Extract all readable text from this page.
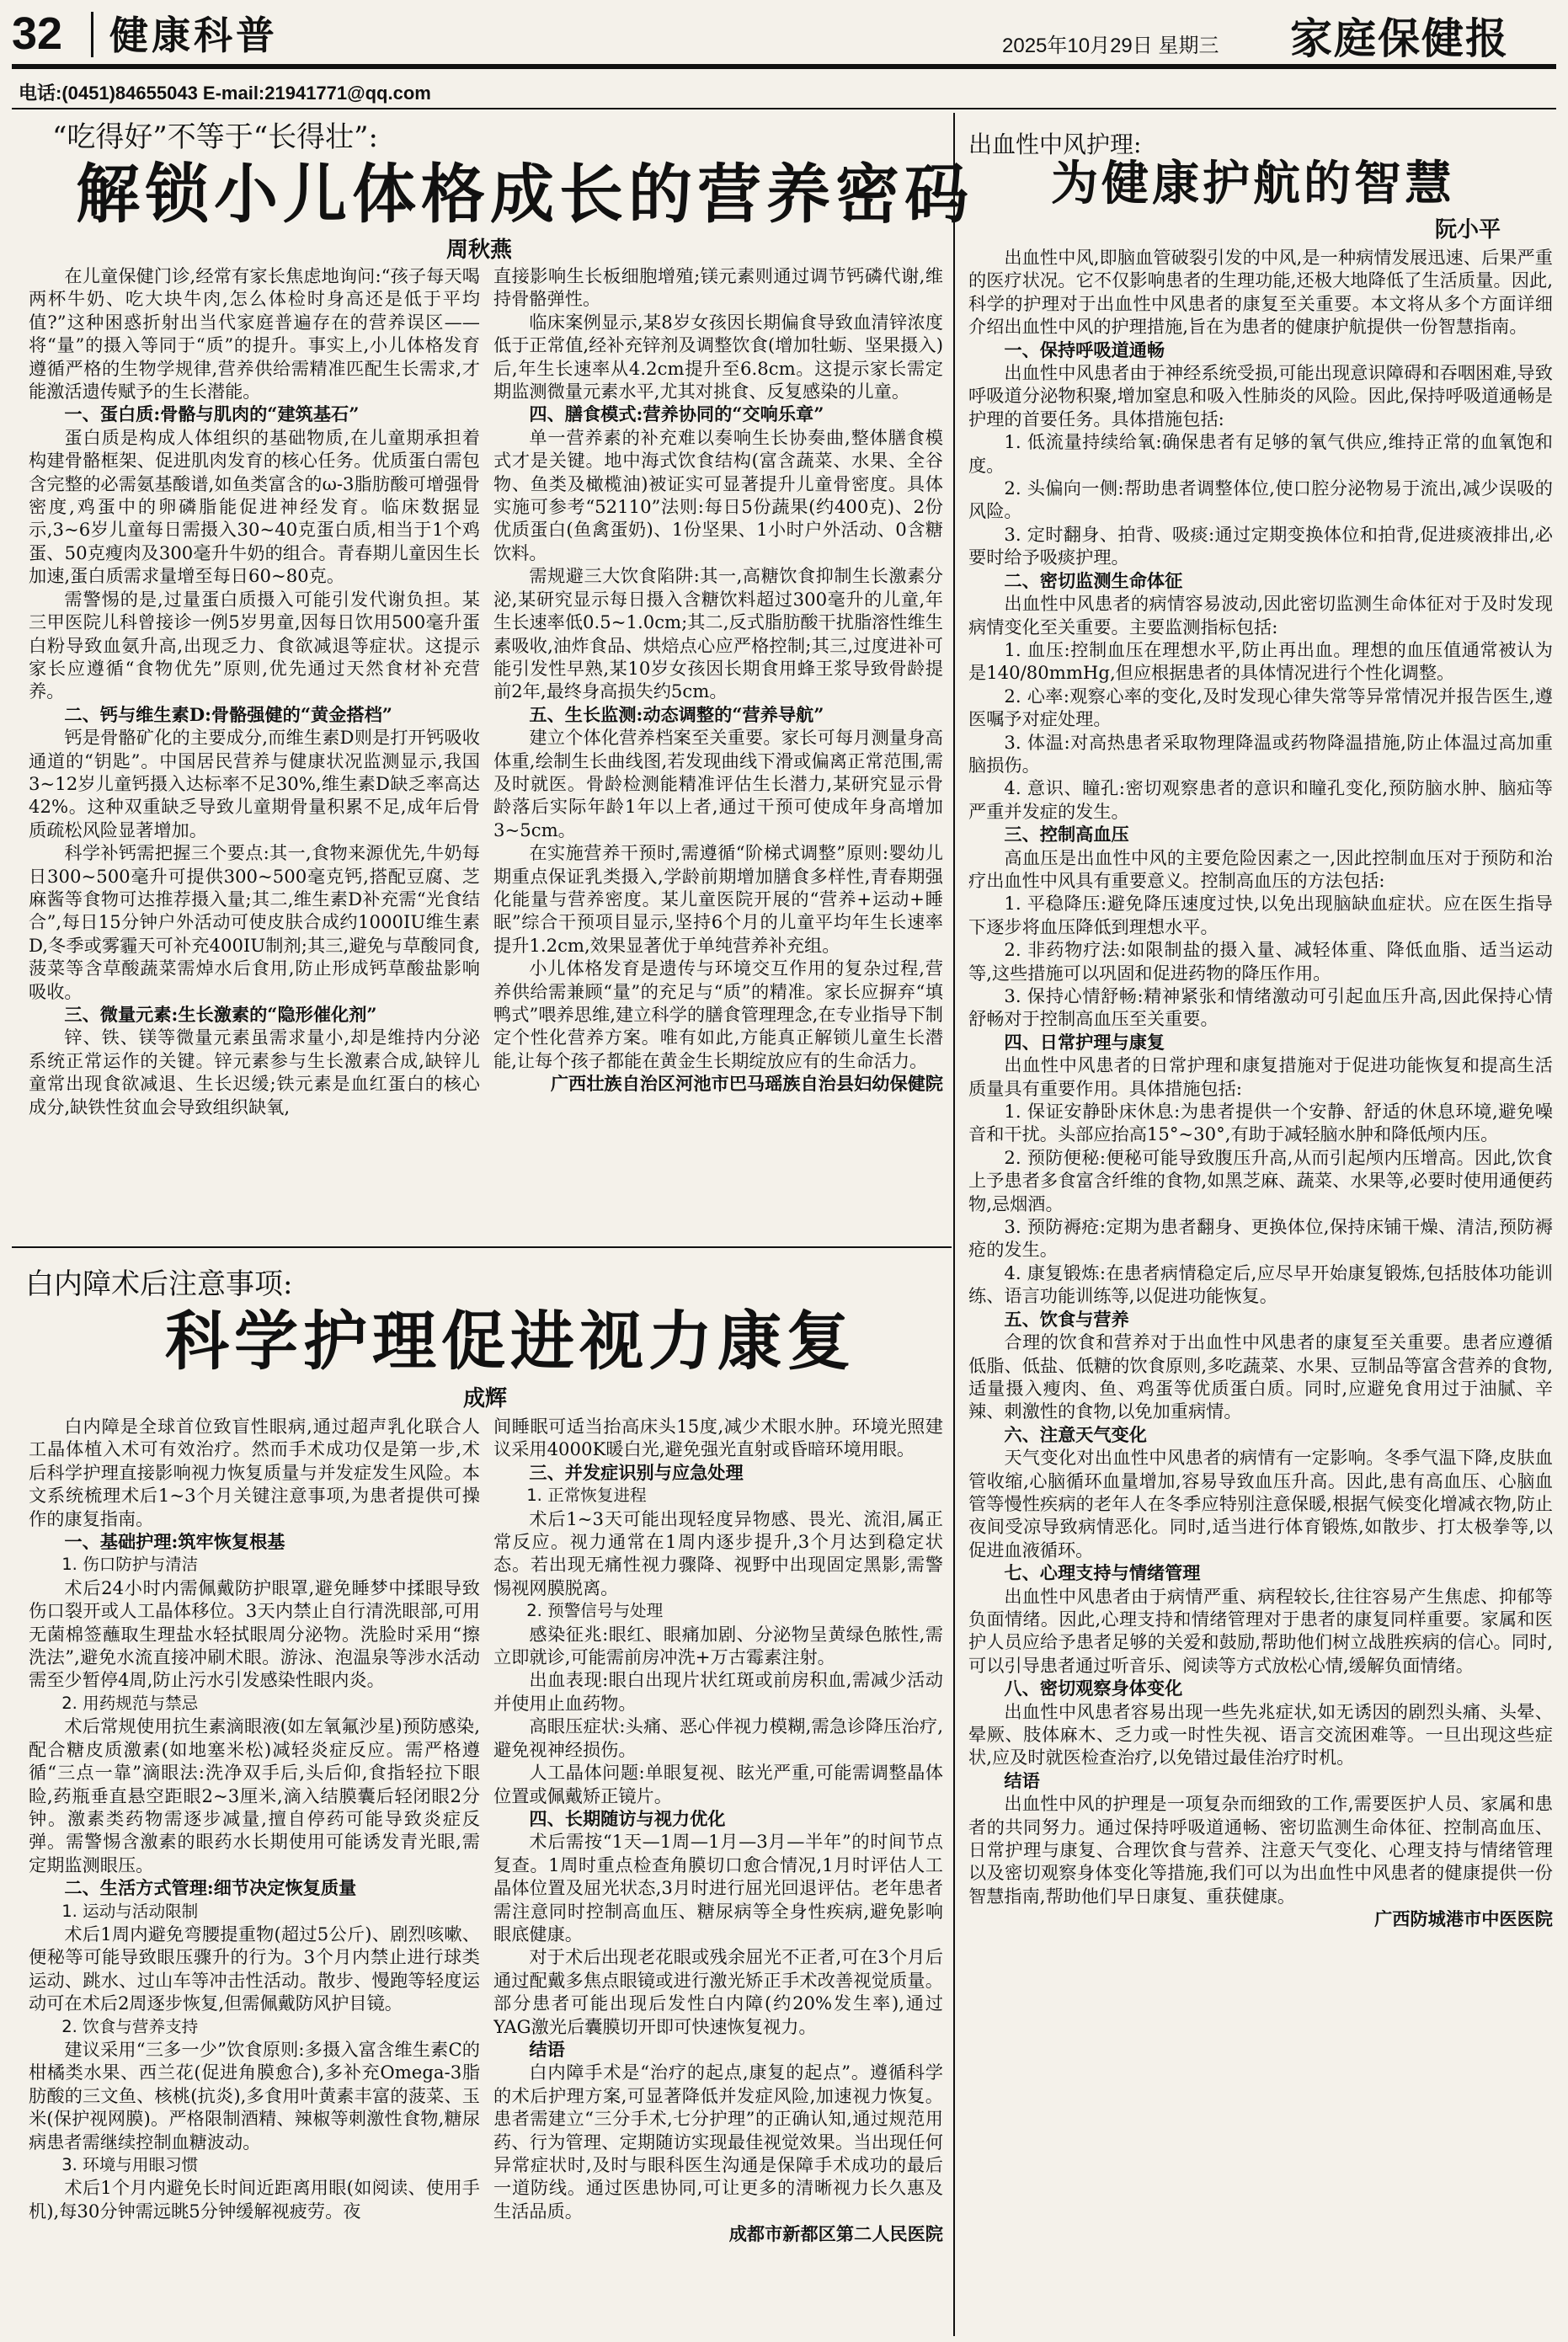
32 健康科普	2025年10月29日 星期三 家庭保健报
电话:(0451)84655043 E-mail:21941771@qq.com
“吃得好”不等于“长得壮”:
解锁小儿体格成长的营养密码
周秋燕

在儿童保健门诊,经常有家长焦虑地询问:“孩子每天喝两杯牛奶、吃大块牛肉,怎么体检时身高还是低于平均值?”这种困惑折射出当代家庭普遍存在的营养误区——将“量”的摄入等同于“质”的提升。事实上,小儿体格发育遵循严格的生物学规律,营养供给需精准匹配生长需求,才能激活遗传赋予的生长潜能。

一、蛋白质:骨骼与肌肉的“建筑基石”

蛋白质是构成人体组织的基础物质,在儿童期承担着构建骨骼框架、促进肌肉发育的核心任务。优质蛋白需包含完整的必需氨基酸谱,如鱼类富含的ω-3脂肪酸可增强骨密度,鸡蛋中的卵磷脂能促进神经发育。临床数据显示,3~6岁儿童每日需摄入30~40克蛋白质,相当于1个鸡蛋、50克瘦肉及300毫升牛奶的组合。青春期儿童因生长加速,蛋白质需求量增至每日60~80克。

需警惕的是,过量蛋白质摄入可能引发代谢负担。某三甲医院儿科曾接诊一例5岁男童,因每日饮用500毫升蛋白粉导致血氨升高,出现乏力、食欲减退等症状。这提示家长应遵循“食物优先”原则,优先通过天然食材补充营养。

二、钙与维生素D:骨骼强健的“黄金搭档”

钙是骨骼矿化的主要成分,而维生素D则是打开钙吸收通道的“钥匙”。中国居民营养与健康状况监测显示,我国3~12岁儿童钙摄入达标率不足30%,维生素D缺乏率高达42%。这种双重缺乏导致儿童期骨量积累不足,成年后骨质疏松风险显著增加。

科学补钙需把握三个要点:其一,食物来源优先,牛奶每日300~500毫升可提供300~500毫克钙,搭配豆腐、芝麻酱等食物可达推荐摄入量;其二,维生素D补充需“光食结合”,每日15分钟户外活动可使皮肤合成约1000IU维生素D,冬季或雾霾天可补充400IU制剂;其三,避免与草酸同食,菠菜等含草酸蔬菜需焯水后食用,防止形成钙草酸盐影响吸收。

三、微量元素:生长激素的“隐形催化剂”

锌、铁、镁等微量元素虽需求量小,却是维持内分泌系统正常运作的关键。锌元素参与生长激素合成,缺锌儿童常出现食欲减退、生长迟缓;铁元素是血红蛋白的核心成分,缺铁性贫血会导致组织缺氧,

直接影响生长板细胞增殖;镁元素则通过调节钙磷代谢,维持骨骼弹性。

临床案例显示,某8岁女孩因长期偏食导致血清锌浓度低于正常值,经补充锌剂及调整饮食(增加牡蛎、坚果摄入)后,年生长速率从4.2cm提升至6.8cm。这提示家长需定期监测微量元素水平,尤其对挑食、反复感染的儿童。

四、膳食模式:营养协同的“交响乐章”

单一营养素的补充难以奏响生长协奏曲,整体膳食模式才是关键。地中海式饮食结构(富含蔬菜、水果、全谷物、鱼类及橄榄油)被证实可显著提升儿童骨密度。具体实施可参考“52110”法则:每日5份蔬果(约400克)、2份优质蛋白(鱼禽蛋奶)、1份坚果、1小时户外活动、0含糖饮料。

需规避三大饮食陷阱:其一,高糖饮食抑制生长激素分泌,某研究显示每日摄入含糖饮料超过300毫升的儿童,年生长速率低0.5~1.0cm;其二,反式脂肪酸干扰脂溶性维生素吸收,油炸食品、烘焙点心应严格控制;其三,过度进补可能引发性早熟,某10岁女孩因长期食用蜂王浆导致骨龄提前2年,最终身高损失约5cm。

五、生长监测:动态调整的“营养导航”

建立个体化营养档案至关重要。家长可每月测量身高体重,绘制生长曲线图,若发现曲线下滑或偏离正常范围,需及时就医。骨龄检测能精准评估生长潜力,某研究显示骨龄落后实际年龄1年以上者,通过干预可使成年身高增加3~5cm。

在实施营养干预时,需遵循“阶梯式调整”原则:婴幼儿期重点保证乳类摄入,学龄前期增加膳食多样性,青春期强化能量与营养密度。某儿童医院开展的“营养+运动+睡眠”综合干预项目显示,坚持6个月的儿童平均年生长速率提升1.2cm,效果显著优于单纯营养补充组。

小儿体格发育是遗传与环境交互作用的复杂过程,营养供给需兼顾“量”的充足与“质”的精准。家长应摒弃“填鸭式”喂养思维,建立科学的膳食管理理念,在专业指导下制定个性化营养方案。唯有如此,方能真正解锁儿童生长潜能,让每个孩子都能在黄金生长期绽放应有的生命活力。

广西壮族自治区河池市巴马瑶族自治县妇幼保健院

白内障术后注意事项:
科学护理促进视力康复
成辉

白内障是全球首位致盲性眼病,通过超声乳化联合人工晶体植入术可有效治疗。然而手术成功仅是第一步,术后科学护理直接影响视力恢复质量与并发症发生风险。本文系统梳理术后1~3个月关键注意事项,为患者提供可操作的康复指南。

一、基础护理:筑牢恢复根基

1. 伤口防护与清洁

术后24小时内需佩戴防护眼罩,避免睡梦中揉眼导致伤口裂开或人工晶体移位。3天内禁止自行清洗眼部,可用无菌棉签蘸取生理盐水轻拭眼周分泌物。洗脸时采用“擦洗法”,避免水流直接冲刷术眼。游泳、泡温泉等涉水活动需至少暂停4周,防止污水引发感染性眼内炎。

2. 用药规范与禁忌

术后常规使用抗生素滴眼液(如左氧氟沙星)预防感染,配合糖皮质激素(如地塞米松)减轻炎症反应。需严格遵循“三点一靠”滴眼法:洗净双手后,头后仰,食指轻拉下眼睑,药瓶垂直悬空距眼2~3厘米,滴入结膜囊后轻闭眼2分钟。激素类药物需逐步减量,擅自停药可能导致炎症反弹。需警惕含激素的眼药水长期使用可能诱发青光眼,需定期监测眼压。

二、生活方式管理:细节决定恢复质量

1. 运动与活动限制

术后1周内避免弯腰提重物(超过5公斤)、剧烈咳嗽、便秘等可能导致眼压骤升的行为。3个月内禁止进行球类运动、跳水、过山车等冲击性活动。散步、慢跑等轻度运动可在术后2周逐步恢复,但需佩戴防风护目镜。

2. 饮食与营养支持

建议采用“三多一少”饮食原则:多摄入富含维生素C的柑橘类水果、西兰花(促进角膜愈合),多补充Omega-3脂肪酸的三文鱼、核桃(抗炎),多食用叶黄素丰富的菠菜、玉米(保护视网膜)。严格限制酒精、辣椒等刺激性食物,糖尿病患者需继续控制血糖波动。

3. 环境与用眼习惯

术后1个月内避免长时间近距离用眼(如阅读、使用手机),每30分钟需远眺5分钟缓解视疲劳。夜

间睡眠可适当抬高床头15度,减少术眼水肿。环境光照建议采用4000K暖白光,避免强光直射或昏暗环境用眼。

三、并发症识别与应急处理

1. 正常恢复进程

术后1~3天可能出现轻度异物感、畏光、流泪,属正常反应。视力通常在1周内逐步提升,3个月达到稳定状态。若出现无痛性视力骤降、视野中出现固定黑影,需警惕视网膜脱离。

2. 预警信号与处理

感染征兆:眼红、眼痛加剧、分泌物呈黄绿色脓性,需立即就诊,可能需前房冲洗+万古霉素注射。

出血表现:眼白出现片状红斑或前房积血,需减少活动并使用止血药物。

高眼压症状:头痛、恶心伴视力模糊,需急诊降压治疗,避免视神经损伤。

人工晶体问题:单眼复视、眩光严重,可能需调整晶体位置或佩戴矫正镜片。

四、长期随访与视力优化

术后需按“1天—1周—1月—3月—半年”的时间节点复查。1周时重点检查角膜切口愈合情况,1月时评估人工晶体位置及屈光状态,3月时进行屈光回退评估。老年患者需注意同时控制高血压、糖尿病等全身性疾病,避免影响眼底健康。

对于术后出现老花眼或残余屈光不正者,可在3个月后通过配戴多焦点眼镜或进行激光矫正手术改善视觉质量。部分患者可能出现后发性白内障(约20%发生率),通过YAG激光后囊膜切开即可快速恢复视力。

结语

白内障手术是“治疗的起点,康复的起点”。遵循科学的术后护理方案,可显著降低并发症风险,加速视力恢复。患者需建立“三分手术,七分护理”的正确认知,通过规范用药、行为管理、定期随访实现最佳视觉效果。当出现任何异常症状时,及时与眼科医生沟通是保障手术成功的最后一道防线。通过医患协同,可让更多的清晰视力长久惠及生活品质。

成都市新都区第二人民医院

出血性中风护理:
为健康护航的智慧
阮小平

出血性中风,即脑血管破裂引发的中风,是一种病情发展迅速、后果严重的医疗状况。它不仅影响患者的生理功能,还极大地降低了生活质量。因此,科学的护理对于出血性中风患者的康复至关重要。本文将从多个方面详细介绍出血性中风的护理措施,旨在为患者的健康护航提供一份智慧指南。

一、保持呼吸道通畅

出血性中风患者由于神经系统受损,可能出现意识障碍和吞咽困难,导致呼吸道分泌物积聚,增加窒息和吸入性肺炎的风险。因此,保持呼吸道通畅是护理的首要任务。具体措施包括:

1. 低流量持续给氧:确保患者有足够的氧气供应,维持正常的血氧饱和度。

2. 头偏向一侧:帮助患者调整体位,使口腔分泌物易于流出,减少误吸的风险。

3. 定时翻身、拍背、吸痰:通过定期变换体位和拍背,促进痰液排出,必要时给予吸痰护理。

二、密切监测生命体征

出血性中风患者的病情容易波动,因此密切监测生命体征对于及时发现病情变化至关重要。主要监测指标包括:

1. 血压:控制血压在理想水平,防止再出血。理想的血压值通常被认为是140/80mmHg,但应根据患者的具体情况进行个性化调整。

2. 心率:观察心率的变化,及时发现心律失常等异常情况并报告医生,遵医嘱予对症处理。

3. 体温:对高热患者采取物理降温或药物降温措施,防止体温过高加重脑损伤。

4. 意识、瞳孔:密切观察患者的意识和瞳孔变化,预防脑水肿、脑疝等严重并发症的发生。

三、控制高血压

高血压是出血性中风的主要危险因素之一,因此控制血压对于预防和治疗出血性中风具有重要意义。控制高血压的方法包括:

1. 平稳降压:避免降压速度过快,以免出现脑缺血症状。应在医生指导下逐步将血压降低到理想水平。

2. 非药物疗法:如限制盐的摄入量、减轻体重、降低血脂、适当运动等,这些措施可以巩固和促进药物的降压作用。

3. 保持心情舒畅:精神紧张和情绪激动可引起血压升高,因此保持心情舒畅对于控制高血压至关重要。

四、日常护理与康复

出血性中风患者的日常护理和康复措施对于促进功能恢复和提高生活质量具有重要作用。具体措施包括:

1. 保证安静卧床休息:为患者提供一个安静、舒适的休息环境,避免噪音和干扰。头部应抬高15°~30°,有助于减轻脑水肿和降低颅内压。

2. 预防便秘:便秘可能导致腹压升高,从而引起颅内压增高。因此,饮食上予患者多食富含纤维的食物,如黑芝麻、蔬菜、水果等,必要时使用通便药物,忌烟酒。

3. 预防褥疮:定期为患者翻身、更换体位,保持床铺干燥、清洁,预防褥疮的发生。

4. 康复锻炼:在患者病情稳定后,应尽早开始康复锻炼,包括肢体功能训练、语言功能训练等,以促进功能恢复。

五、饮食与营养

合理的饮食和营养对于出血性中风患者的康复至关重要。患者应遵循低脂、低盐、低糖的饮食原则,多吃蔬菜、水果、豆制品等富含营养的食物,适量摄入瘦肉、鱼、鸡蛋等优质蛋白质。同时,应避免食用过于油腻、辛辣、刺激性的食物,以免加重病情。

六、注意天气变化

天气变化对出血性中风患者的病情有一定影响。冬季气温下降,皮肤血管收缩,心脑循环血量增加,容易导致血压升高。因此,患有高血压、心脑血管等慢性疾病的老年人在冬季应特别注意保暖,根据气候变化增减衣物,防止夜间受凉导致病情恶化。同时,适当进行体育锻炼,如散步、打太极拳等,以促进血液循环。

七、心理支持与情绪管理

出血性中风患者由于病情严重、病程较长,往往容易产生焦虑、抑郁等负面情绪。因此,心理支持和情绪管理对于患者的康复同样重要。家属和医护人员应给予患者足够的关爱和鼓励,帮助他们树立战胜疾病的信心。同时,可以引导患者通过听音乐、阅读等方式放松心情,缓解负面情绪。

八、密切观察身体变化

出血性中风患者容易出现一些先兆症状,如无诱因的剧烈头痛、头晕、晕厥、肢体麻木、乏力或一时性失视、语言交流困难等。一旦出现这些症状,应及时就医检查治疗,以免错过最佳治疗时机。

结语

出血性中风的护理是一项复杂而细致的工作,需要医护人员、家属和患者的共同努力。通过保持呼吸道通畅、密切监测生命体征、控制高血压、日常护理与康复、合理饮食与营养、注意天气变化、心理支持与情绪管理以及密切观察身体变化等措施,我们可以为出血性中风患者的健康提供一份智慧指南,帮助他们早日康复、重获健康。

广西防城港市中医医院
